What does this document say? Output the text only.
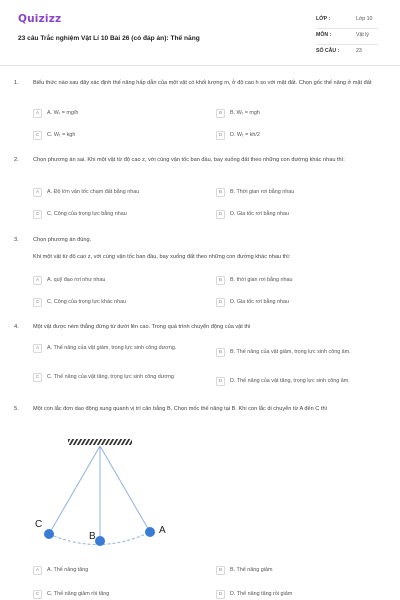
Quizizz
23 câu Trắc nghiệm Vật Lí 10 Bài 26 (có đáp án): Thế năng
LỚP :	Lớp 10
MÔN :	Vật lý
SỐ CÂU :	23
1.	Biểu thức nào sau đây xác định thế năng hấp dẫn của một vật có khối lượng m, ở độ cao h so với mặt đất. Chọn gốc thế năng ở mặt đất
A	A. Wₜ = mg/h	B	B. Wₜ = mgh
C	C. Wₜ = kgh	D	D. Wₜ = kh/2
2.	Chọn phương án sai. Khi một vật từ độ cao z, với cùng vận tốc ban đầu, bay xuống đất theo những con đường khác nhau thì:
A	A. Độ lớn vận tốc chạm đất bằng nhau	B	B. Thời gian rơi bằng nhau
C	C. Công của trọng lực bằng nhau	D	D. Gia tốc rơi bằng nhau
3.	Chọn phương án đúng.
Khi một vật từ độ cao z, với cùng vận tốc ban đầu, bay xuống đất theo những con đường khác nhau thì:
A	A. quỹ đạo rơi như nhau	B	B. thời gian rơi bằng nhau
C	C. Công của trọng lực khác nhau	D	D. Gia tốc rơi bằng nhau
4.	Một vật được ném thẳng đứng từ dưới lên cao. Trong quá trình chuyển động của vật thì
A	A. Thế năng của vật giảm, trọng lực sinh công dương.
B	B. Thế năng của vật giảm, trọng lực sinh công âm.
C	C. Thế năng của vật tăng, trọng lực sinh công dương
D	D. Thế năng của vật tăng, trọng lực sinh công âm.
5.	Một con lắc đơn dao động xung quanh vị trí cân bằng B. Chọn mốc thế năng tại B. Khi con lắc di chuyển từ A đến C thì
C
B
A
A	A. Thế năng tăng	B	B. Thế năng giảm
C	C. Thế năng giảm rồi tăng	D	D. Thế năng tăng rồi giảm
